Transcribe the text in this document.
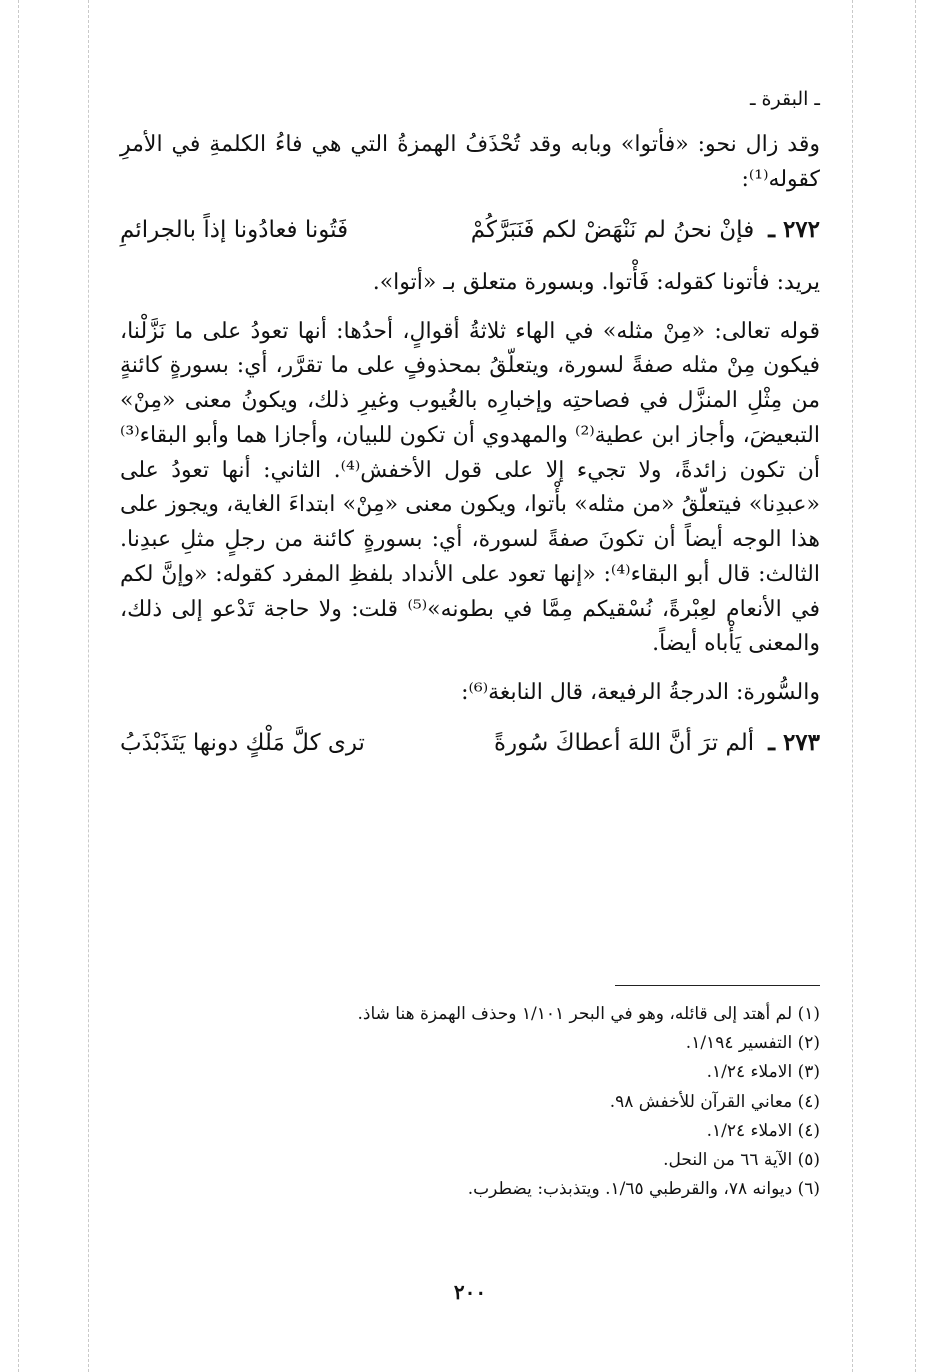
ـ البقرة ـ

وقد زال نحو: «فأتوا» وبابه وقد تُحْذَفُ الهمزةُ التي هي فاءُ الكلمةِ في الأمرِ كقوله⁽¹⁾:

٢٧٢ ـ
فإنْ نحنُ لم نَنْهَضْ لكم فَنَبَرَّكُمْ
فَتُونا فعادُونا إذاً بالجرائمِ

يريد: فأتونا كقوله: فَأْتوا. وبسورة متعلق بـ «أتوا».

قوله تعالى: «مِنْ مثله» في الهاء ثلاثةُ أقوالٍ، أحدُها: أنها تعودُ على ما نَزَّلْنا، فيكون مِنْ مثله صفةً لسورة، ويتعلّقُ بمحذوفٍ على ما تقرَّر، أي: بسورةٍ كائنةٍ من مِثْلِ المنزَّل في فصاحتِه وإخبارِه بالغُيوب وغيرِ ذلك، ويكونُ معنى «مِنْ» التبعيضَ، وأجاز ابن عطية⁽²⁾ والمهدوي أن تكون للبيان، وأجازا هما وأبو البقاء⁽³⁾ أن تكون زائدةً، ولا تجيء إلا على قول الأخفش⁽⁴⁾. الثاني: أنها تعودُ على «عبدِنا» فيتعلّقُ «من مثله» بأْتوا، ويكون معنى «مِنْ» ابتداءَ الغاية، ويجوز على هذا الوجه أيضاً أن تكونَ صفةً لسورة، أي: بسورةٍ كائنة من رجلٍ مثلِ عبدِنا. الثالث: قال أبو البقاء⁽⁴⁾: «إنها تعود على الأنداد بلفظِ المفرد كقوله: «وإنَّ لكم في الأنعام لعِبْرةً، نُسْقيكم مِمَّا في بطونه»⁽⁵⁾ قلت: ولا حاجة تَدْعو إلى ذلك، والمعنى يَأْباه أيضاً.

والسُّورة: الدرجةُ الرفيعة، قال النابغة⁽⁶⁾:

٢٧٣ ـ
ألم ترَ أنَّ اللهَ أعطاكَ سُورةً
ترى كلَّ مَلْكٍ دونها يَتَذَبْذَبُ
(١) لم أهتد إلى قائله، وهو في البحر ١/١٠١ وحذف الهمزة هنا شاذ.
(٢) التفسير ١/١٩٤.
(٣) الاملاء ١/٢٤.
(٤) معاني القرآن للأخفش ٩٨.
(٤) الاملاء ١/٢٤.
(٥) الآية ٦٦ من النحل.
(٦) ديوانه ٧٨، والقرطبي ١/٦٥. ويتذبذب: يضطرب.
٢٠٠
